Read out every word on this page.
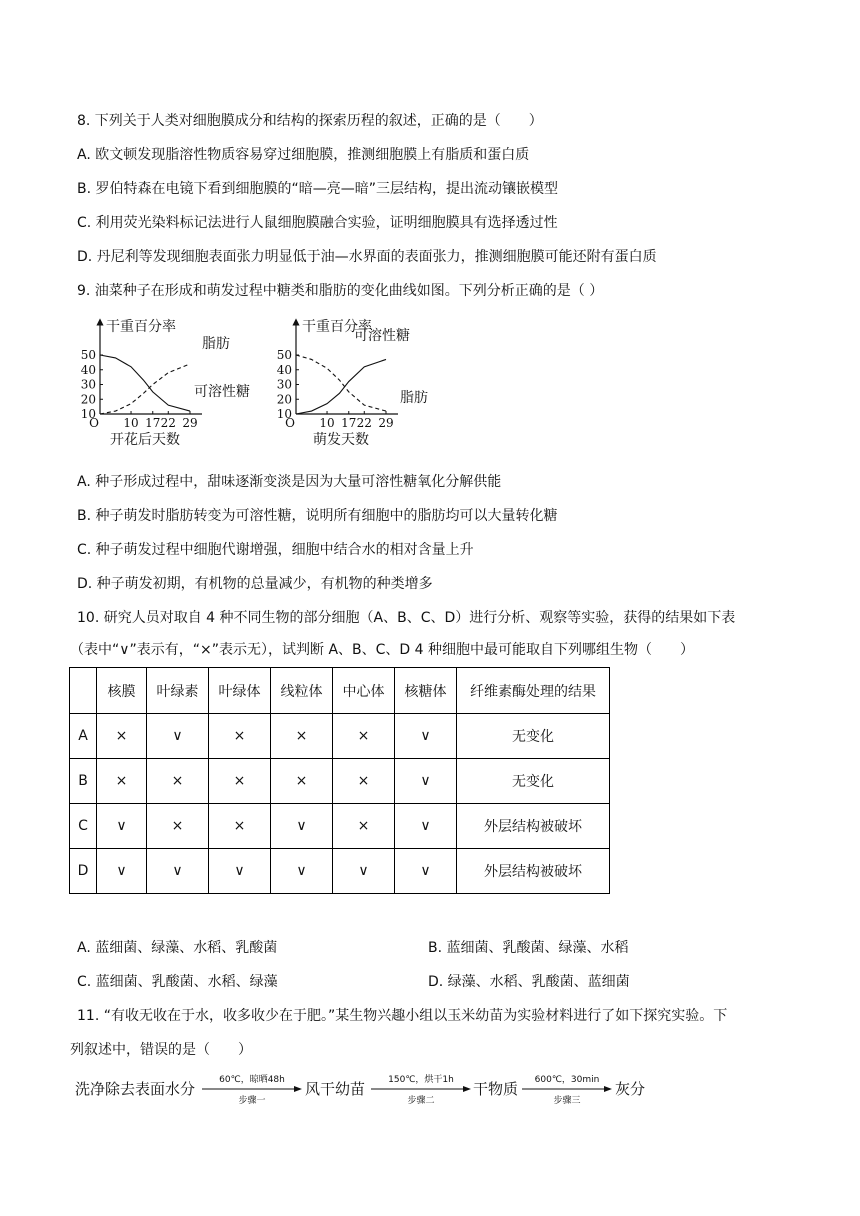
8. 下列关于人类对细胞膜成分和结构的探索历程的叙述，正确的是（　　）
A. 欧文顿发现脂溶性物质容易穿过细胞膜，推测细胞膜上有脂质和蛋白质
B. 罗伯特森在电镜下看到细胞膜的“暗—亮—暗”三层结构，提出流动镶嵌模型
C. 利用荧光染料标记法进行人鼠细胞膜融合实验，证明细胞膜具有选择透过性
D. 丹尼利等发现细胞表面张力明显低于油—水界面的表面张力，推测细胞膜可能还附有蛋白质
9. 油菜种子在形成和萌发过程中糖类和脂肪的变化曲线如图。下列分析正确的是（ ）
干重百分率
O
10
20
30
40
50
10 17 22 29
开花后天数
脂肪
可溶性糖
干重百分率
O
10
20
30
40
50
10 17 22 29
萌发天数
可溶性糖
脂肪
A. 种子形成过程中，甜味逐渐变淡是因为大量可溶性糖氧化分解供能
B. 种子萌发时脂肪转变为可溶性糖，说明所有细胞中的脂肪均可以大量转化糖
C. 种子萌发过程中细胞代谢增强，细胞中结合水的相对含量上升
D. 种子萌发初期，有机物的总量减少，有机物的种类增多
10. 研究人员对取自 4 种不同生物的部分细胞（A、B、C、D）进行分析、观察等实验，获得的结果如下表
（表中“∨”表示有，“×”表示无），试判断 A、B、C、D 4 种细胞中最可能取自下列哪组生物（　　）
	核膜	叶绿素	叶绿体	线粒体	中心体	核糖体	纤维素酶处理的结果
A	×	∨	×	×	×	∨	无变化
B	×	×	×	×	×	∨	无变化
C	∨	×	×	∨	×	∨	外层结构被破坏
D	∨	∨	∨	∨	∨	∨	外层结构被破坏
A. 蓝细菌、绿藻、水稻、乳酸菌	B. 蓝细菌、乳酸菌、绿藻、水稻
C. 蓝细菌、乳酸菌、水稻、绿藻	D. 绿藻、水稻、乳酸菌、蓝细菌
11. “有收无收在于水，收多收少在于肥。”某生物兴趣小组以玉米幼苗为实验材料进行了如下探究实验。下
列叙述中，错误的是（　　）
洗净除去表面水分	60℃，晾晒48h
步骤一
风干幼苗	150℃，烘干1h
步骤二
干物质	600℃，30min
步骤三
灰分
